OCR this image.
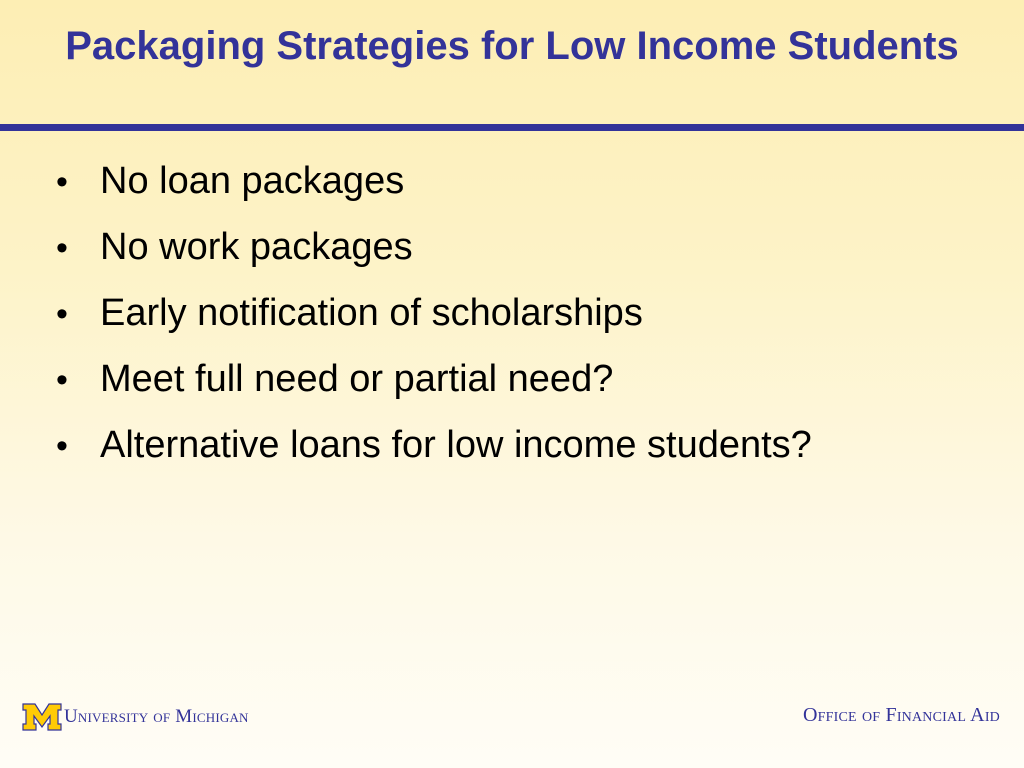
Packaging Strategies for Low Income Students
• No loan packages
• No work packages
• Early notification of scholarships
• Meet full need or partial need?
• Alternative loans for low income students?
University of Michigan	Office of Financial Aid
